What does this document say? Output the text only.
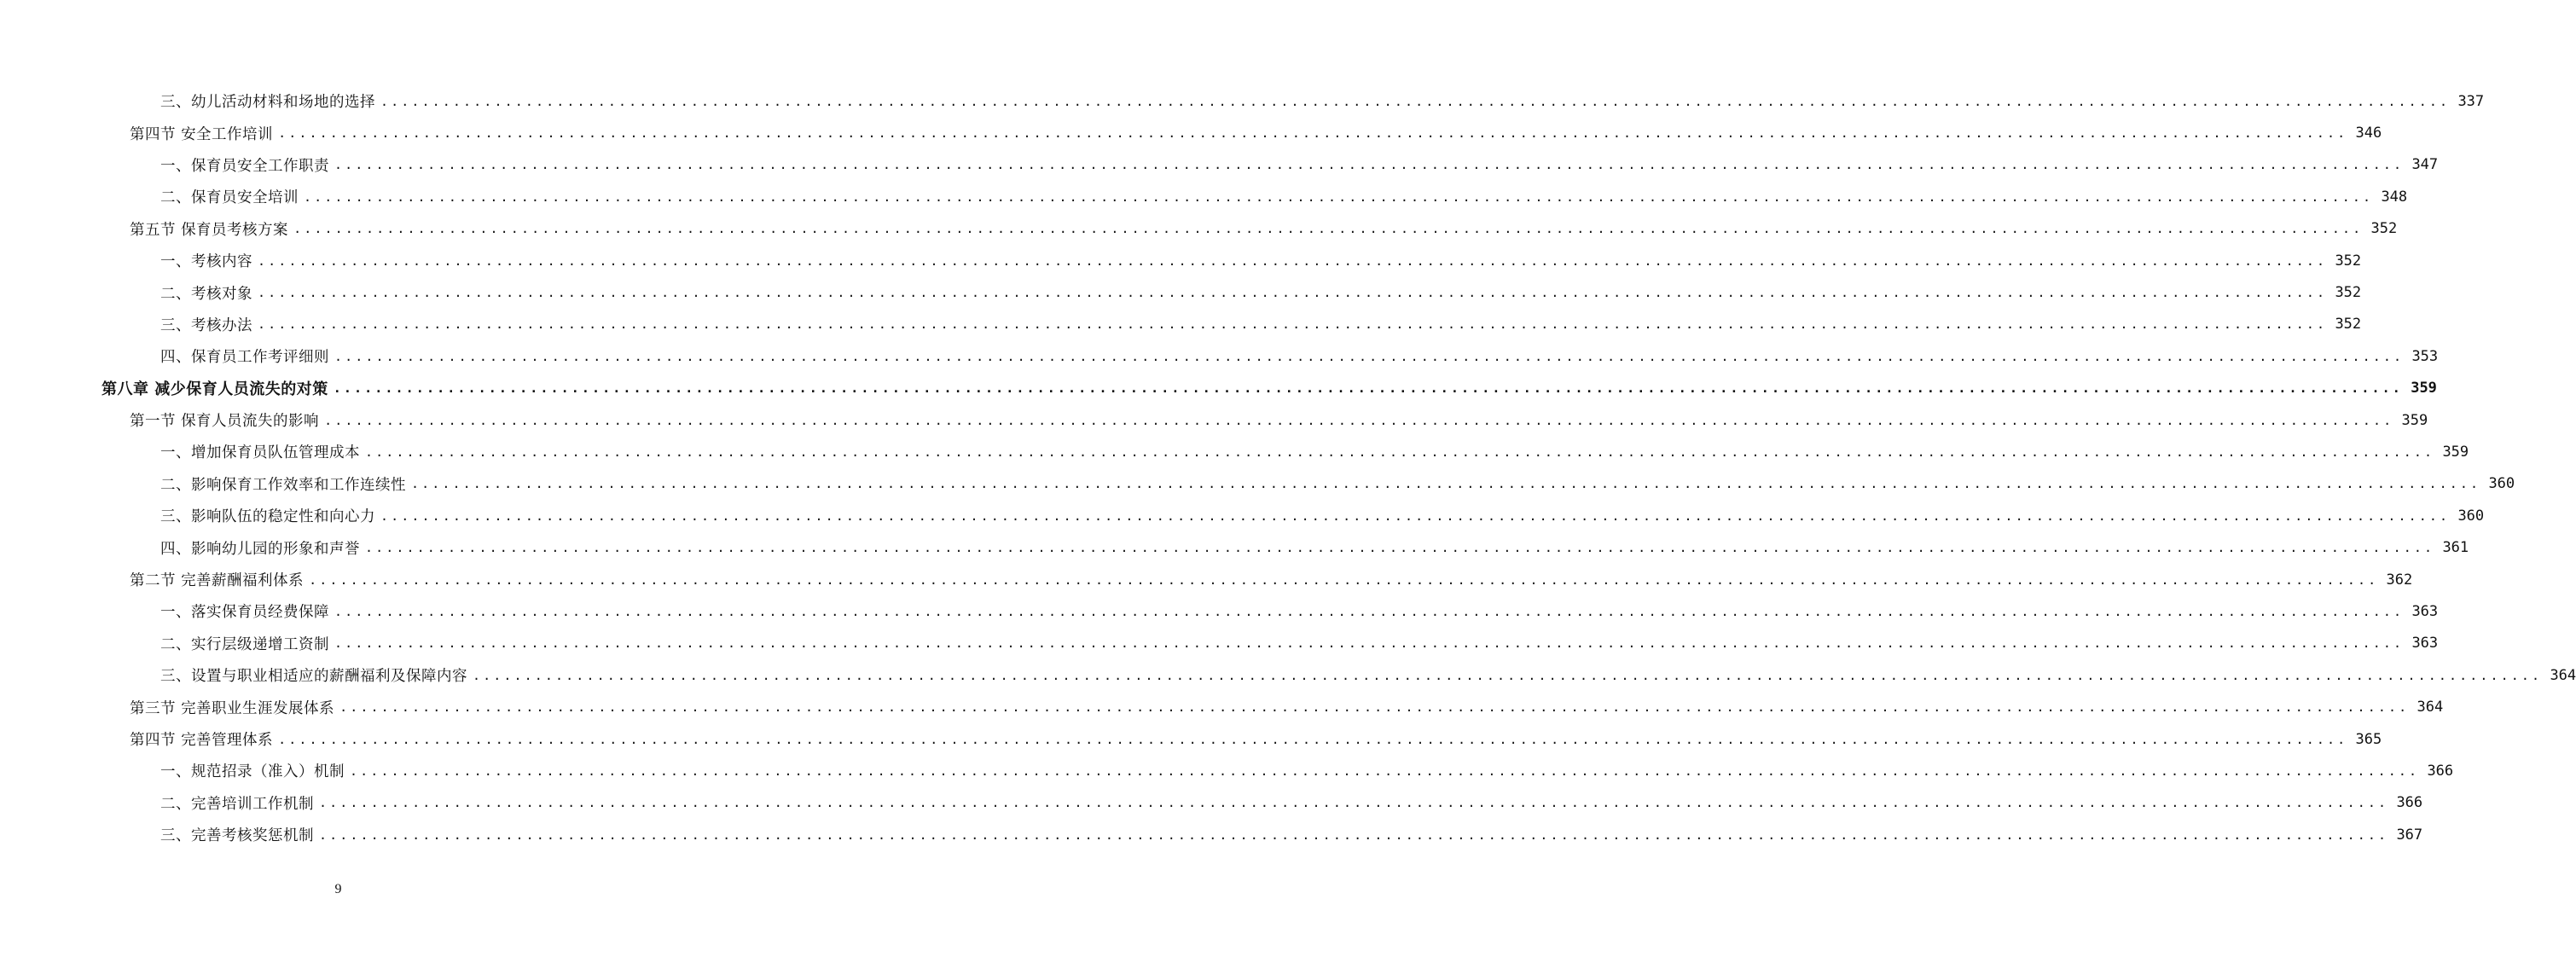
三、幼儿活动材料和场地的选择 ........................................................................................................................................................................................................ 337
第四节 安全工作培训 ........................................................................................................................................................................................................ 346
一、保育员安全工作职责 ........................................................................................................................................................................................................ 347
二、保育员安全培训 ........................................................................................................................................................................................................ 348
第五节 保育员考核方案 ........................................................................................................................................................................................................ 352
一、考核内容 ........................................................................................................................................................................................................ 352
二、考核对象 ........................................................................................................................................................................................................ 352
三、考核办法 ........................................................................................................................................................................................................ 352
四、保育员工作考评细则 ........................................................................................................................................................................................................ 353
第八章 减少保育人员流失的对策 ........................................................................................................................................................................................................ 359
第一节 保育人员流失的影响 ........................................................................................................................................................................................................ 359
一、增加保育员队伍管理成本 ........................................................................................................................................................................................................ 359
二、影响保育工作效率和工作连续性 ........................................................................................................................................................................................................ 360
三、影响队伍的稳定性和向心力 ........................................................................................................................................................................................................ 360
四、影响幼儿园的形象和声誉 ........................................................................................................................................................................................................ 361
第二节 完善薪酬福利体系 ........................................................................................................................................................................................................ 362
一、落实保育员经费保障 ........................................................................................................................................................................................................ 363
二、实行层级递增工资制 ........................................................................................................................................................................................................ 363
三、设置与职业相适应的薪酬福利及保障内容 ........................................................................................................................................................................................................ 364
第三节 完善职业生涯发展体系 ........................................................................................................................................................................................................ 364
第四节 完善管理体系 ........................................................................................................................................................................................................ 365
一、规范招录（准入）机制 ........................................................................................................................................................................................................ 366
二、完善培训工作机制 ........................................................................................................................................................................................................ 366
三、完善考核奖惩机制 ........................................................................................................................................................................................................ 367
9
